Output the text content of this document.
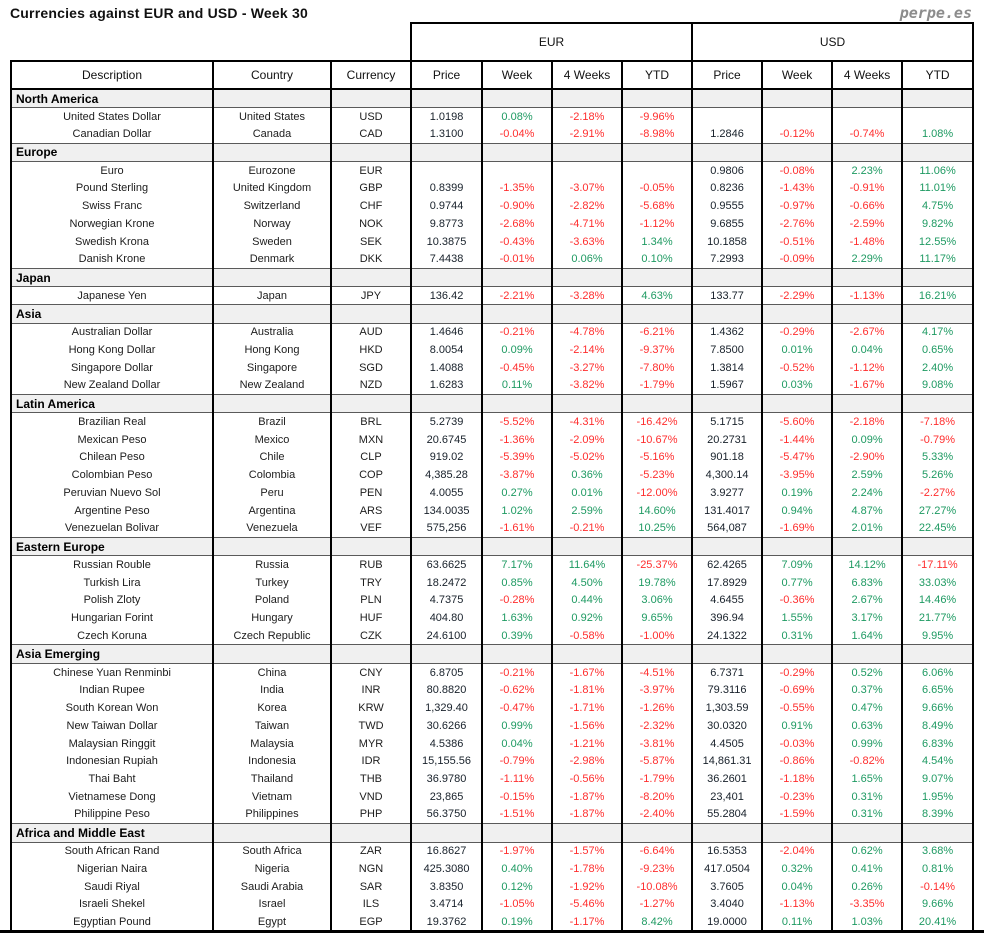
Currencies against EUR and USD - Week 30	perpe.es
			EUR				USD			
Description	Country	Currency	Price	Week	4 Weeks	YTD	Price	Week	4 Weeks	YTD
North America										
United States Dollar	United States	USD	1.0198	0.08%	-2.18%	-9.96%				
Canadian Dollar	Canada	CAD	1.3100	-0.04%	-2.91%	-8.98%	1.2846	-0.12%	-0.74%	1.08%
Europe										
Euro	Eurozone	EUR					0.9806	-0.08%	2.23%	11.06%
Pound Sterling	United Kingdom	GBP	0.8399	-1.35%	-3.07%	-0.05%	0.8236	-1.43%	-0.91%	11.01%
Swiss Franc	Switzerland	CHF	0.9744	-0.90%	-2.82%	-5.68%	0.9555	-0.97%	-0.66%	4.75%
Norwegian Krone	Norway	NOK	9.8773	-2.68%	-4.71%	-1.12%	9.6855	-2.76%	-2.59%	9.82%
Swedish Krona	Sweden	SEK	10.3875	-0.43%	-3.63%	1.34%	10.1858	-0.51%	-1.48%	12.55%
Danish Krone	Denmark	DKK	7.4438	-0.01%	0.06%	0.10%	7.2993	-0.09%	2.29%	11.17%
Japan										
Japanese Yen	Japan	JPY	136.42	-2.21%	-3.28%	4.63%	133.77	-2.29%	-1.13%	16.21%
Asia										
Australian Dollar	Australia	AUD	1.4646	-0.21%	-4.78%	-6.21%	1.4362	-0.29%	-2.67%	4.17%
Hong Kong Dollar	Hong Kong	HKD	8.0054	0.09%	-2.14%	-9.37%	7.8500	0.01%	0.04%	0.65%
Singapore Dollar	Singapore	SGD	1.4088	-0.45%	-3.27%	-7.80%	1.3814	-0.52%	-1.12%	2.40%
New Zealand Dollar	New Zealand	NZD	1.6283	0.11%	-3.82%	-1.79%	1.5967	0.03%	-1.67%	9.08%
Latin America										
Brazilian Real	Brazil	BRL	5.2739	-5.52%	-4.31%	-16.42%	5.1715	-5.60%	-2.18%	-7.18%
Mexican Peso	Mexico	MXN	20.6745	-1.36%	-2.09%	-10.67%	20.2731	-1.44%	0.09%	-0.79%
Chilean Peso	Chile	CLP	919.02	-5.39%	-5.02%	-5.16%	901.18	-5.47%	-2.90%	5.33%
Colombian Peso	Colombia	COP	4,385.28	-3.87%	0.36%	-5.23%	4,300.14	-3.95%	2.59%	5.26%
Peruvian Nuevo Sol	Peru	PEN	4.0055	0.27%	0.01%	-12.00%	3.9277	0.19%	2.24%	-2.27%
Argentine Peso	Argentina	ARS	134.0035	1.02%	2.59%	14.60%	131.4017	0.94%	4.87%	27.27%
Venezuelan Bolivar	Venezuela	VEF	575,256	-1.61%	-0.21%	10.25%	564,087	-1.69%	2.01%	22.45%
Eastern Europe										
Russian Rouble	Russia	RUB	63.6625	7.17%	11.64%	-25.37%	62.4265	7.09%	14.12%	-17.11%
Turkish Lira	Turkey	TRY	18.2472	0.85%	4.50%	19.78%	17.8929	0.77%	6.83%	33.03%
Polish Zloty	Poland	PLN	4.7375	-0.28%	0.44%	3.06%	4.6455	-0.36%	2.67%	14.46%
Hungarian Forint	Hungary	HUF	404.80	1.63%	0.92%	9.65%	396.94	1.55%	3.17%	21.77%
Czech Koruna	Czech Republic	CZK	24.6100	0.39%	-0.58%	-1.00%	24.1322	0.31%	1.64%	9.95%
Asia Emerging										
Chinese Yuan Renminbi	China	CNY	6.8705	-0.21%	-1.67%	-4.51%	6.7371	-0.29%	0.52%	6.06%
Indian Rupee	India	INR	80.8820	-0.62%	-1.81%	-3.97%	79.3116	-0.69%	0.37%	6.65%
South Korean Won	Korea	KRW	1,329.40	-0.47%	-1.71%	-1.26%	1,303.59	-0.55%	0.47%	9.66%
New Taiwan Dollar	Taiwan	TWD	30.6266	0.99%	-1.56%	-2.32%	30.0320	0.91%	0.63%	8.49%
Malaysian Ringgit	Malaysia	MYR	4.5386	0.04%	-1.21%	-3.81%	4.4505	-0.03%	0.99%	6.83%
Indonesian Rupiah	Indonesia	IDR	15,155.56	-0.79%	-2.98%	-5.87%	14,861.31	-0.86%	-0.82%	4.54%
Thai Baht	Thailand	THB	36.9780	-1.11%	-0.56%	-1.79%	36.2601	-1.18%	1.65%	9.07%
Vietnamese Dong	Vietnam	VND	23,865	-0.15%	-1.87%	-8.20%	23,401	-0.23%	0.31%	1.95%
Philippine Peso	Philippines	PHP	56.3750	-1.51%	-1.87%	-2.40%	55.2804	-1.59%	0.31%	8.39%
Africa and Middle East										
South African Rand	South Africa	ZAR	16.8627	-1.97%	-1.57%	-6.64%	16.5353	-2.04%	0.62%	3.68%
Nigerian Naira	Nigeria	NGN	425.3080	0.40%	-1.78%	-9.23%	417.0504	0.32%	0.41%	0.81%
Saudi Riyal	Saudi Arabia	SAR	3.8350	0.12%	-1.92%	-10.08%	3.7605	0.04%	0.26%	-0.14%
Israeli Shekel	Israel	ILS	3.4714	-1.05%	-5.46%	-1.27%	3.4040	-1.13%	-3.35%	9.66%
Egyptian Pound	Egypt	EGP	19.3762	0.19%	-1.17%	8.42%	19.0000	0.11%	1.03%	20.41%
